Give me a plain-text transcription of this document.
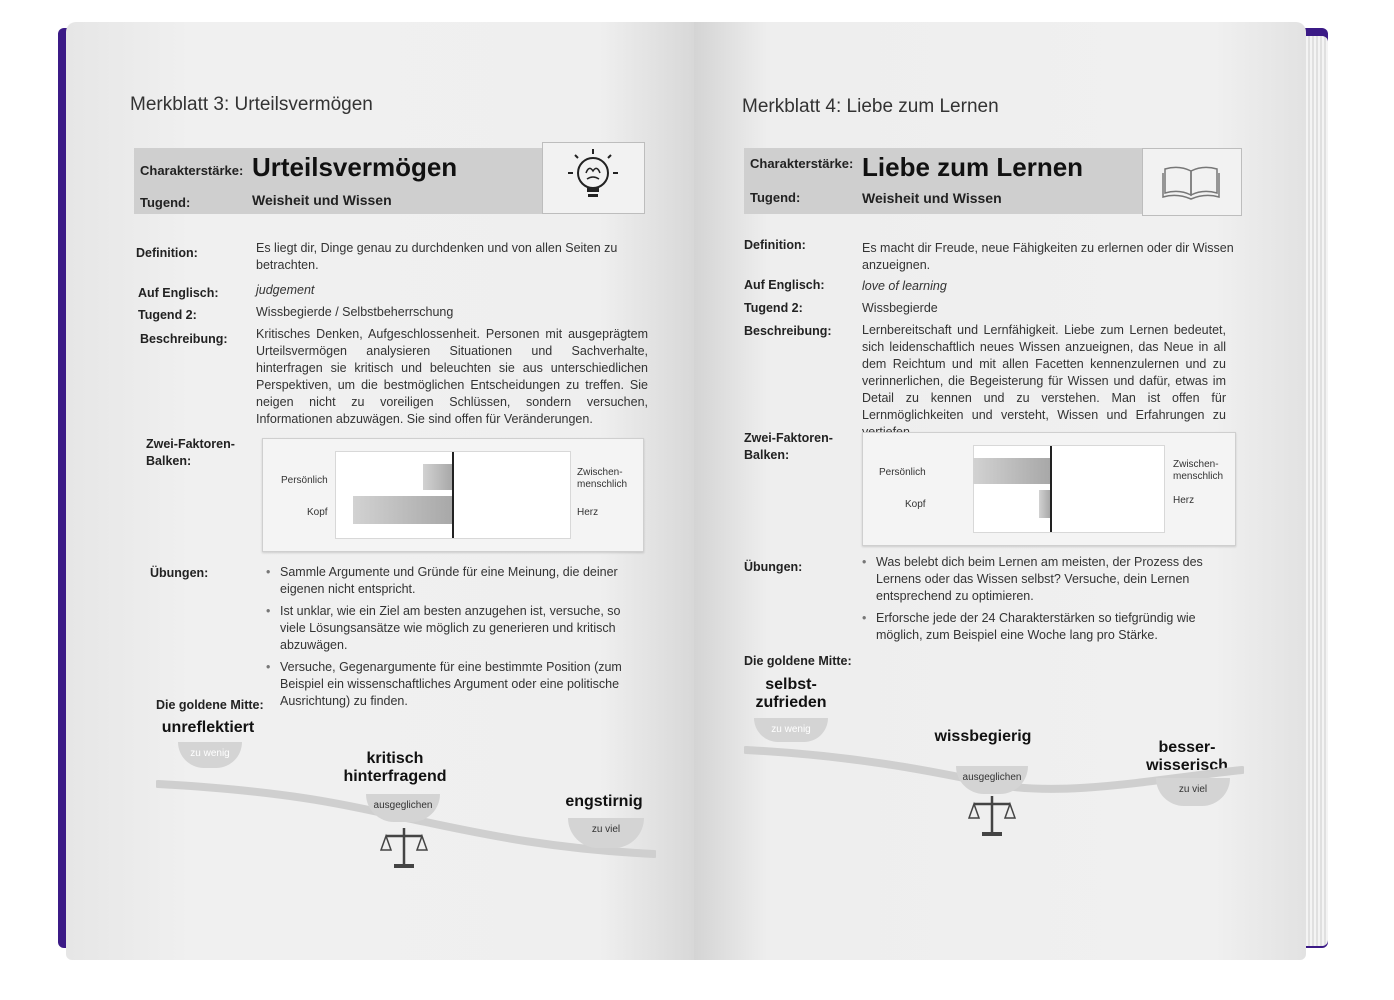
Merkblatt 3: Urteilsvermögen
Charakterstärke: Urteilsvermögen
Tugend:	Weisheit und Wissen
Definition:	Es liegt dir, Dinge genau zu durchdenken und von allen Seiten zu betrachten.
Auf Englisch:	judgement
Tugend 2:	Wissbegierde / Selbstbeherrschung
Beschreibung: Kritisches Denken, Aufgeschlossenheit. Personen mit ausgeprägtem Urteilsvermögen analysieren Situationen und Sachverhalte, hinterfragen sie kritisch und beleuchten sie aus unterschiedlichen Perspektiven, um die bestmöglichen Entscheidungen zu treffen. Sie neigen nicht zu voreiligen Schlüssen, sondern versuchen, Informationen abzuwägen. Sie sind offen für Veränderungen.
Zwei-Faktoren-Balken:
Persönlich
Kopf
Zwischen-menschlich
Herz
Übungen:	• Sammle Argumente und Gründe für eine Meinung, die deiner eigenen nicht entspricht.
• Ist unklar, wie ein Ziel am besten anzugehen ist, versuche, so viele Lösungsansätze wie möglich zu generieren und kritisch abzuwägen.
• Versuche, Gegenargumente für eine bestimmte Position (zum Beispiel ein wissenschaftliches Argument oder eine politische Ausrichtung) zu finden.
Die goldene Mitte:
unreflektiert
kritisch hinterfragend
engstirnig
zu wenig
ausgeglichen
zu viel
Merkblatt 4: Liebe zum Lernen
Charakterstärke: Liebe zum Lernen
Tugend:	Weisheit und Wissen
Definition:	Es macht dir Freude, neue Fähigkeiten zu erlernen oder dir Wissen anzueignen.
Auf Englisch:	love of learning
Tugend 2:	Wissbegierde
Beschreibung: Lernbereitschaft und Lernfähigkeit. Liebe zum Lernen bedeutet, sich leidenschaftlich neues Wissen anzueignen, das Neue in all dem Reichtum und mit allen Facetten kennenzulernen und zu verinnerlichen, die Begeisterung für Wissen und dafür, etwas im Detail zu kennen und zu verstehen. Man ist offen für Lernmöglichkeiten und versteht, Wissen und Erfahrungen zu
Zwei-Faktoren-Balken:
Persönlich
Kopf
Zwischen-menschlich
Herz
Übungen:	• Was belebt dich beim Lernen am meisten, der Prozess des Lernens oder das Wissen selbst? Versuche, dein Lernen entsprechend zu optimieren.
• Erforsche jede der 24 Charakterstärken so tiefgründig wie möglich, zum Beispiel eine Woche lang pro Stärke.
Die goldene Mitte:
selbst-zufrieden
wissbegierig
besser-wisserisch
zu wenig
ausgeglichen
zu viel
